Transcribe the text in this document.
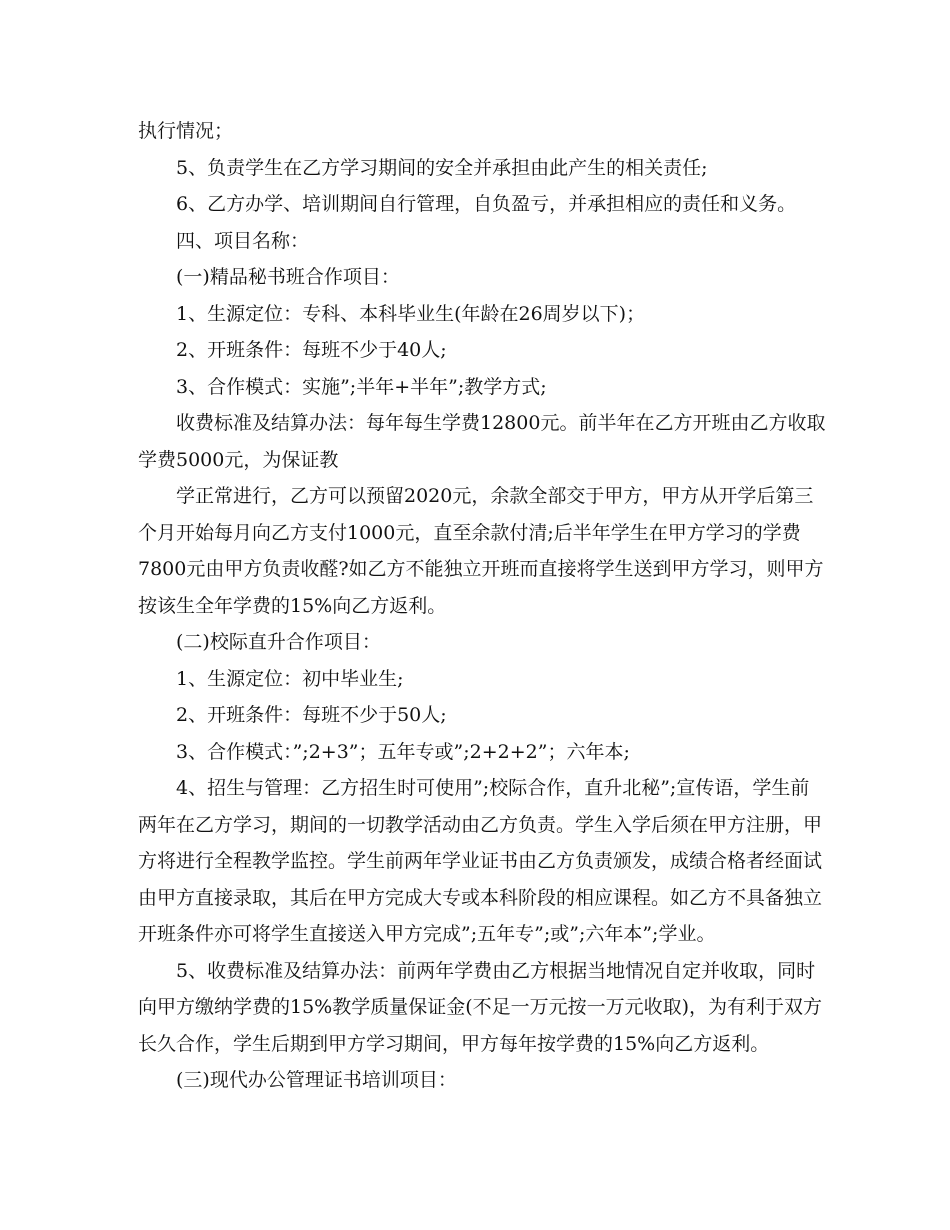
执行情况；

5、负责学生在乙方学习期间的安全并承担由此产生的相关责任;

6、乙方办学、培训期间自行管理，自负盈亏，并承担相应的责任和义务。

四、项目名称：

(一)精品秘书班合作项目：

1、生源定位：专科、本科毕业生(年龄在26周岁以下)；

2、开班条件：每班不少于40人;

3、合作模式：实施”;半年+半年”;教学方式;

收费标准及结算办法：每年每生学费12800元。前半年在乙方开班由乙方收取

学费5000元，为保证教

学正常进行，乙方可以预留2020元，余款全部交于甲方，甲方从开学后第三

个月开始每月向乙方支付1000元，直至余款付清;后半年学生在甲方学习的学费

7800元由甲方负责收醛?如乙方不能独立开班而直接将学生送到甲方学习，则甲方

按该生全年学费的15%向乙方返利。

(二)校际直升合作项目：

1、生源定位：初中毕业生;

2、开班条件：每班不少于50人;

3、合作模式：”;2+3”；五年专或”;2+2+2”；六年本;

4、招生与管理：乙方招生时可使用”;校际合作，直升北秘”;宣传语，学生前

两年在乙方学习，期间的一切教学活动由乙方负责。学生入学后须在甲方注册，甲

方将进行全程教学监控。学生前两年学业证书由乙方负责颁发，成绩合格者经面试

由甲方直接录取，其后在甲方完成大专或本科阶段的相应课程。如乙方不具备独立

开班条件亦可将学生直接送入甲方完成”;五年专”;或”;六年本”;学业。

5、收费标准及结算办法：前两年学费由乙方根据当地情况自定并收取，同时

向甲方缴纳学费的15%教学质量保证金(不足一万元按一万元收取)，为有利于双方

长久合作，学生后期到甲方学习期间，甲方每年按学费的15%向乙方返利。

(三)现代办公管理证书培训项目：
